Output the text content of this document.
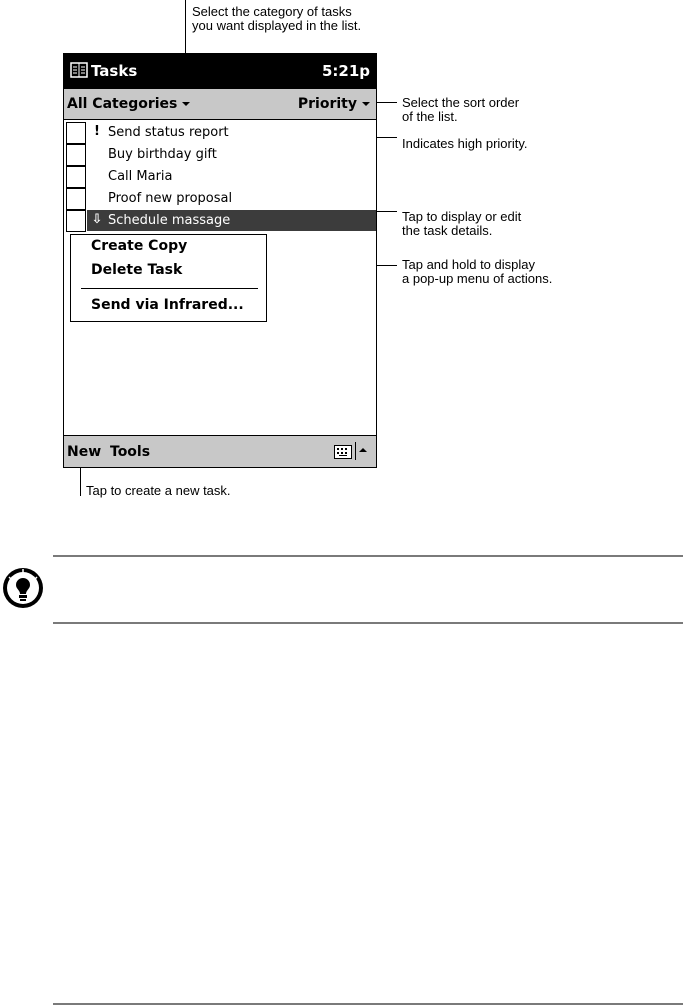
Select the category of tasks
you want displayed in the list.
Select the sort order
of the list.
Indicates high priority.
Tap to display or edit
the task details.
Tap and hold to display
a pop-up menu of actions.
Tap to create a new task.
Tasks	5:21p
All Categories	Priority
! Send status report
Buy birthday gift
Call Maria
Proof new proposal
⇩ Schedule massage
Create Copy
Delete Task
Send via Infrared...
New Tools
